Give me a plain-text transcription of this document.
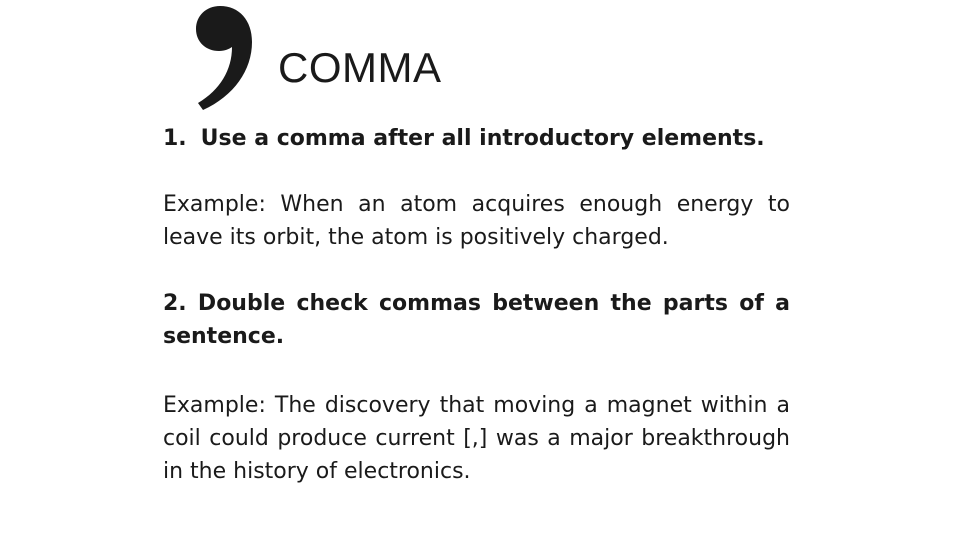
COMMA
1. Use a comma after all introductory elements.

Example: When an atom acquires enough energy to leave its orbit, the atom is positively charged.

2. Double check commas between the parts of a sentence.

Example: The discovery that moving a magnet within a coil could produce current [,] was a major breakthrough in the history of electronics.
